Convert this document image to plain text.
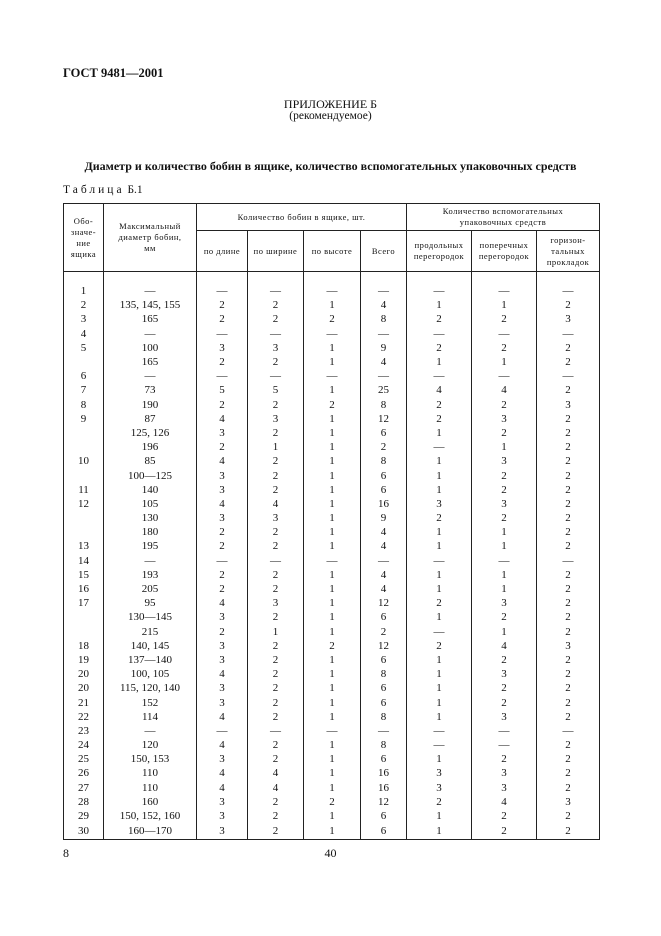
ГОСТ 9481—2001
ПРИЛОЖЕНИЕ Б
(рекомендуемое)
Диаметр и количество бобин в ящике, количество вспомогательных упаковочных средств
Таблица Б.1
Обо-
значе-
ние
ящика	Максимальный
диаметр бобин,
мм	Количество бобин в ящике, шт.				Количество вспомогательных
упаковочных средств		
		по длине	по ширине	по высоте	Всего	продольных
перегородок	поперечных
перегородок	горизон-
тальных
прокладок

1	—	—	—	—	—	—	—	—
2	135, 145, 155	2	2	1	4	1	1	2
3	165	2	2	2	8	2	2	3
4	—	—	—	—	—	—	—	—
5	100	3	3	1	9	2	2	2
	165	2	2	1	4	1	1	2
6	—	—	—	—	—	—	—	—
7	73	5	5	1	25	4	4	2
8	190	2	2	2	8	2	2	3
9	87	4	3	1	12	2	3	2
	125, 126	3	2	1	6	1	2	2
	196	2	1	1	2	—	1	2
10	85	4	2	1	8	1	3	2
	100—125	3	2	1	6	1	2	2
11	140	3	2	1	6	1	2	2
12	105	4	4	1	16	3	3	2
	130	3	3	1	9	2	2	2
	180	2	2	1	4	1	1	2
13	195	2	2	1	4	1	1	2
14	—	—	—	—	—	—	—	—
15	193	2	2	1	4	1	1	2
16	205	2	2	1	4	1	1	2
17	95	4	3	1	12	2	3	2
	130—145	3	2	1	6	1	2	2
	215	2	1	1	2	—	1	2
18	140, 145	3	2	2	12	2	4	3
19	137—140	3	2	1	6	1	2	2
20	100, 105	4	2	1	8	1	3	2
20	115, 120, 140	3	2	1	6	1	2	2
21	152	3	2	1	6	1	2	2
22	114	4	2	1	8	1	3	2
23	—	—	—	—	—	—	—	—
24	120	4	2	1	8	—	—	2
25	150, 153	3	2	1	6	1	2	2
26	110	4	4	1	16	3	3	2
27	110	4	4	1	16	3	3	2
28	160	3	2	2	12	2	4	3
29	150, 152, 160	3	2	1	6	1	2	2
30	160—170	3	2	1	6	1	2	2
8	40
